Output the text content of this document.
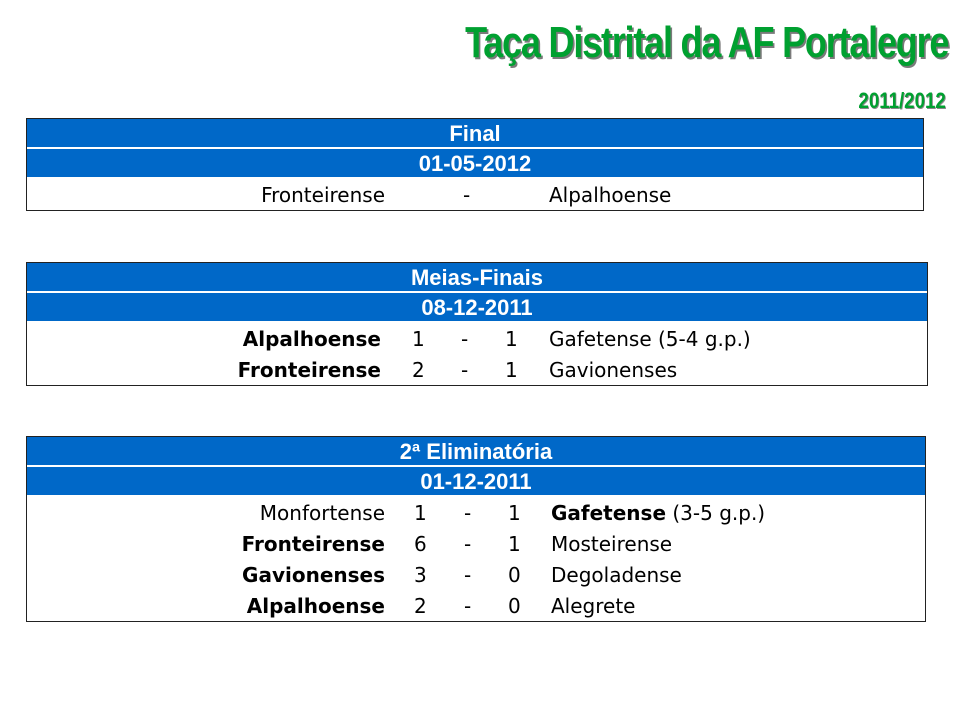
Taça Distrital da AF Portalegre
2011/2012
Final
01-05-2012
Fronteirense	-	Alpalhoense
Meias-Finais
08-12-2011
Alpalhoense 1 - 1 Gafetense (5-4 g.p.)
Fronteirense 2 - 1 Gavionenses
2ª Eliminatória
01-12-2011
Monfortense 1 - 1 Gafetense (3-5 g.p.)
Fronteirense 6 - 1 Mosteirense
Gavionenses 3 - 0 Degoladense
Alpalhoense 2 - 0 Alegrete
